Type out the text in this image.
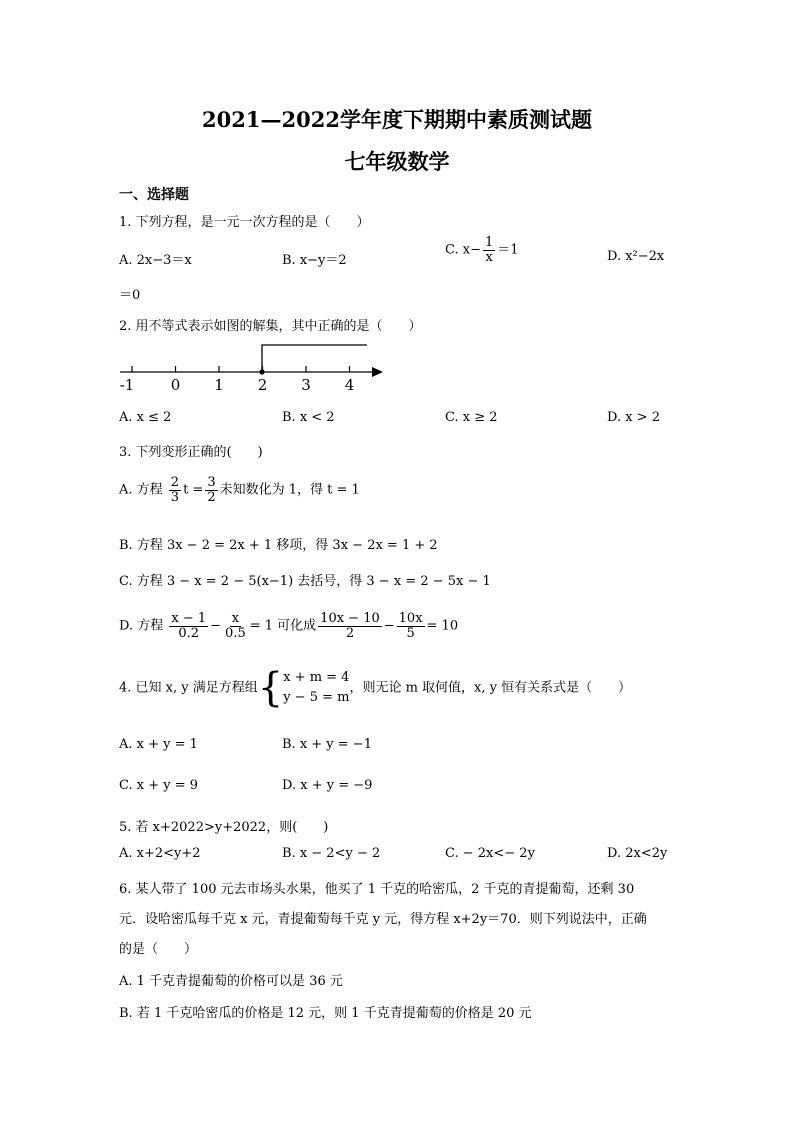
2021—2022学年度下期期中素质测试题
七年级数学
一、选择题
1. 下列方程，是一元一次方程的是（　　）
A. 2x−3＝x	B. x−y＝2
C. $x- \frac{1}{x} =1$	D. x²−2x
＝0
2. 用不等式表示如图的解集，其中正确的是（　　）
-1 0 1 2 3 4
A. x ≤ 2	B. x < 2	C. x ≥ 2	D. x > 2
3. 下列变形正确的(　　)
A. 方程 $\frac{2}{3}$ $t = \frac{3}{2}$ 未知数化为 1，得 t = 1
B. 方程 3x − 2 = 2x + 1 移项，得 3x − 2x = 1 + 2
C. 方程 3 − x = 2 − 5(x−1) 去括号，得 3 − x = 2 − 5x − 1
D. 方程 $\frac{x - 1}{0.2} - \frac{x}{0.5} = 1$ 可化成 $\frac{10x - 10}{2} - \frac{10x}{5} = 10$
4. 已知 x, y 满足方程组{ x + m = 4
y − 5 = m
，则无论 m 取何值，x, y 恒有关系式是（　　）
A. x + y = 1	B. x + y = −1
C. x + y = 9	D. x + y = −9
5. 若 x+2022>y+2022，则(　　)
A. x+2<y+2	B. x − 2<y − 2	C. − 2x<− 2y	D. 2x<2y
6. 某人带了 100 元去市场头水果，他买了 1 千克的哈密瓜，2 千克的青提葡萄，还剩 30
元．设哈密瓜每千克 x 元，青提葡萄每千克 y 元，得方程 x+2y＝70．则下列说法中，正确
的是（　　）
A. 1 千克青提葡萄的价格可以是 36 元
B. 若 1 千克哈密瓜的价格是 12 元，则 1 千克青提葡萄的价格是 20 元
